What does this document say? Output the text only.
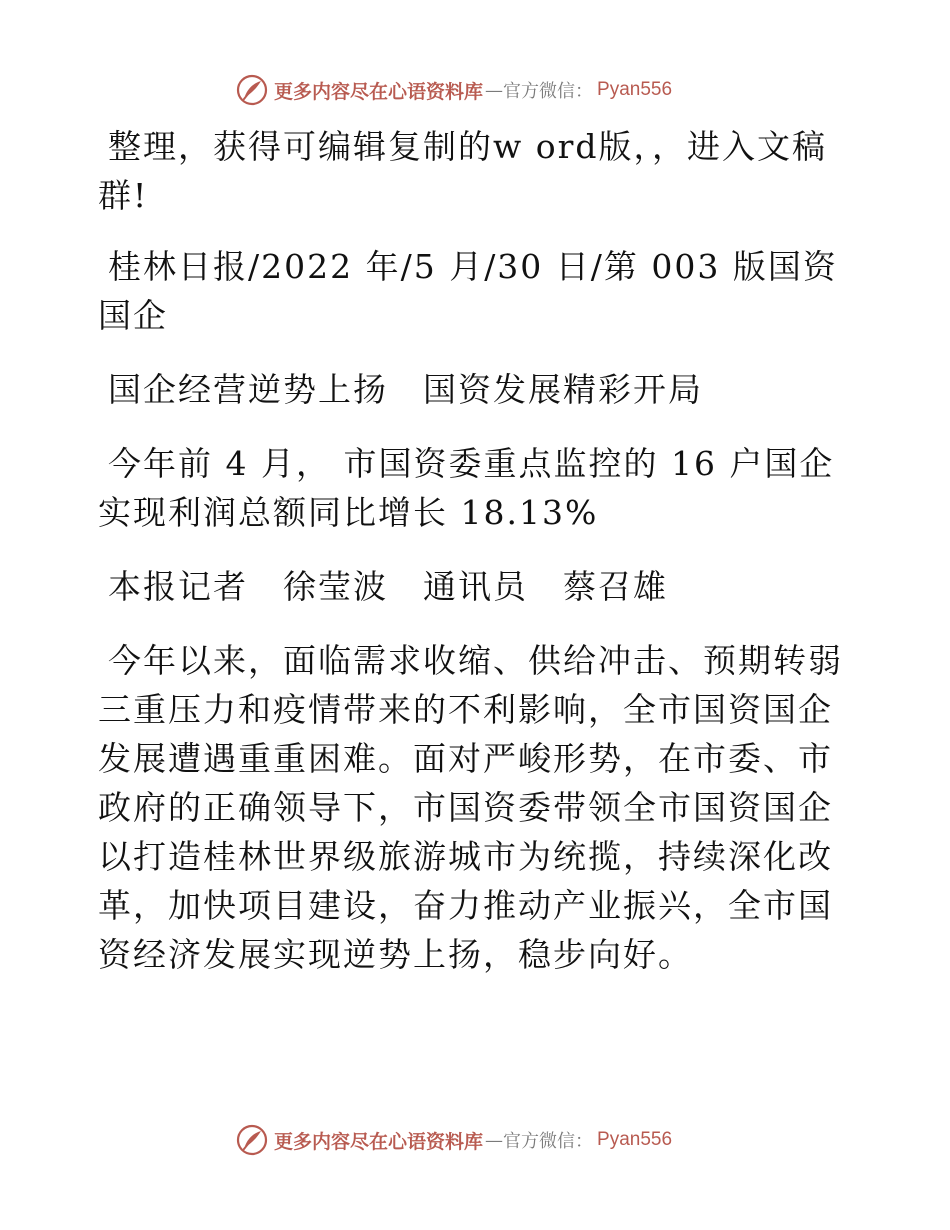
更多内容尽在心语资料库 — 官方微信： Pyan556

整理，获得可编辑复制的w ord版，，进入文稿群!

桂林日报/2022 年/5 月/30 日/第 003 版国资国企

国企经营逆势上扬　国资发展精彩开局

今年前 4 月， 市国资委重点监控的 16 户国企实现利润总额同比增长 18.13%

本报记者　徐莹波　通讯员　蔡召雄

今年以来，面临需求收缩、供给冲击、预期转弱三重压力和疫情带来的不利影响，全市国资国企发展遭遇重重困难。面对严峻形势，在市委、市政府的正确领导下，市国资委带领全市国资国企以打造桂林世界级旅游城市为统揽，持续深化改革，加快项目建设，奋力推动产业振兴，全市国资经济发展实现逆势上扬，稳步向好。

更多内容尽在心语资料库 — 官方微信： Pyan556
